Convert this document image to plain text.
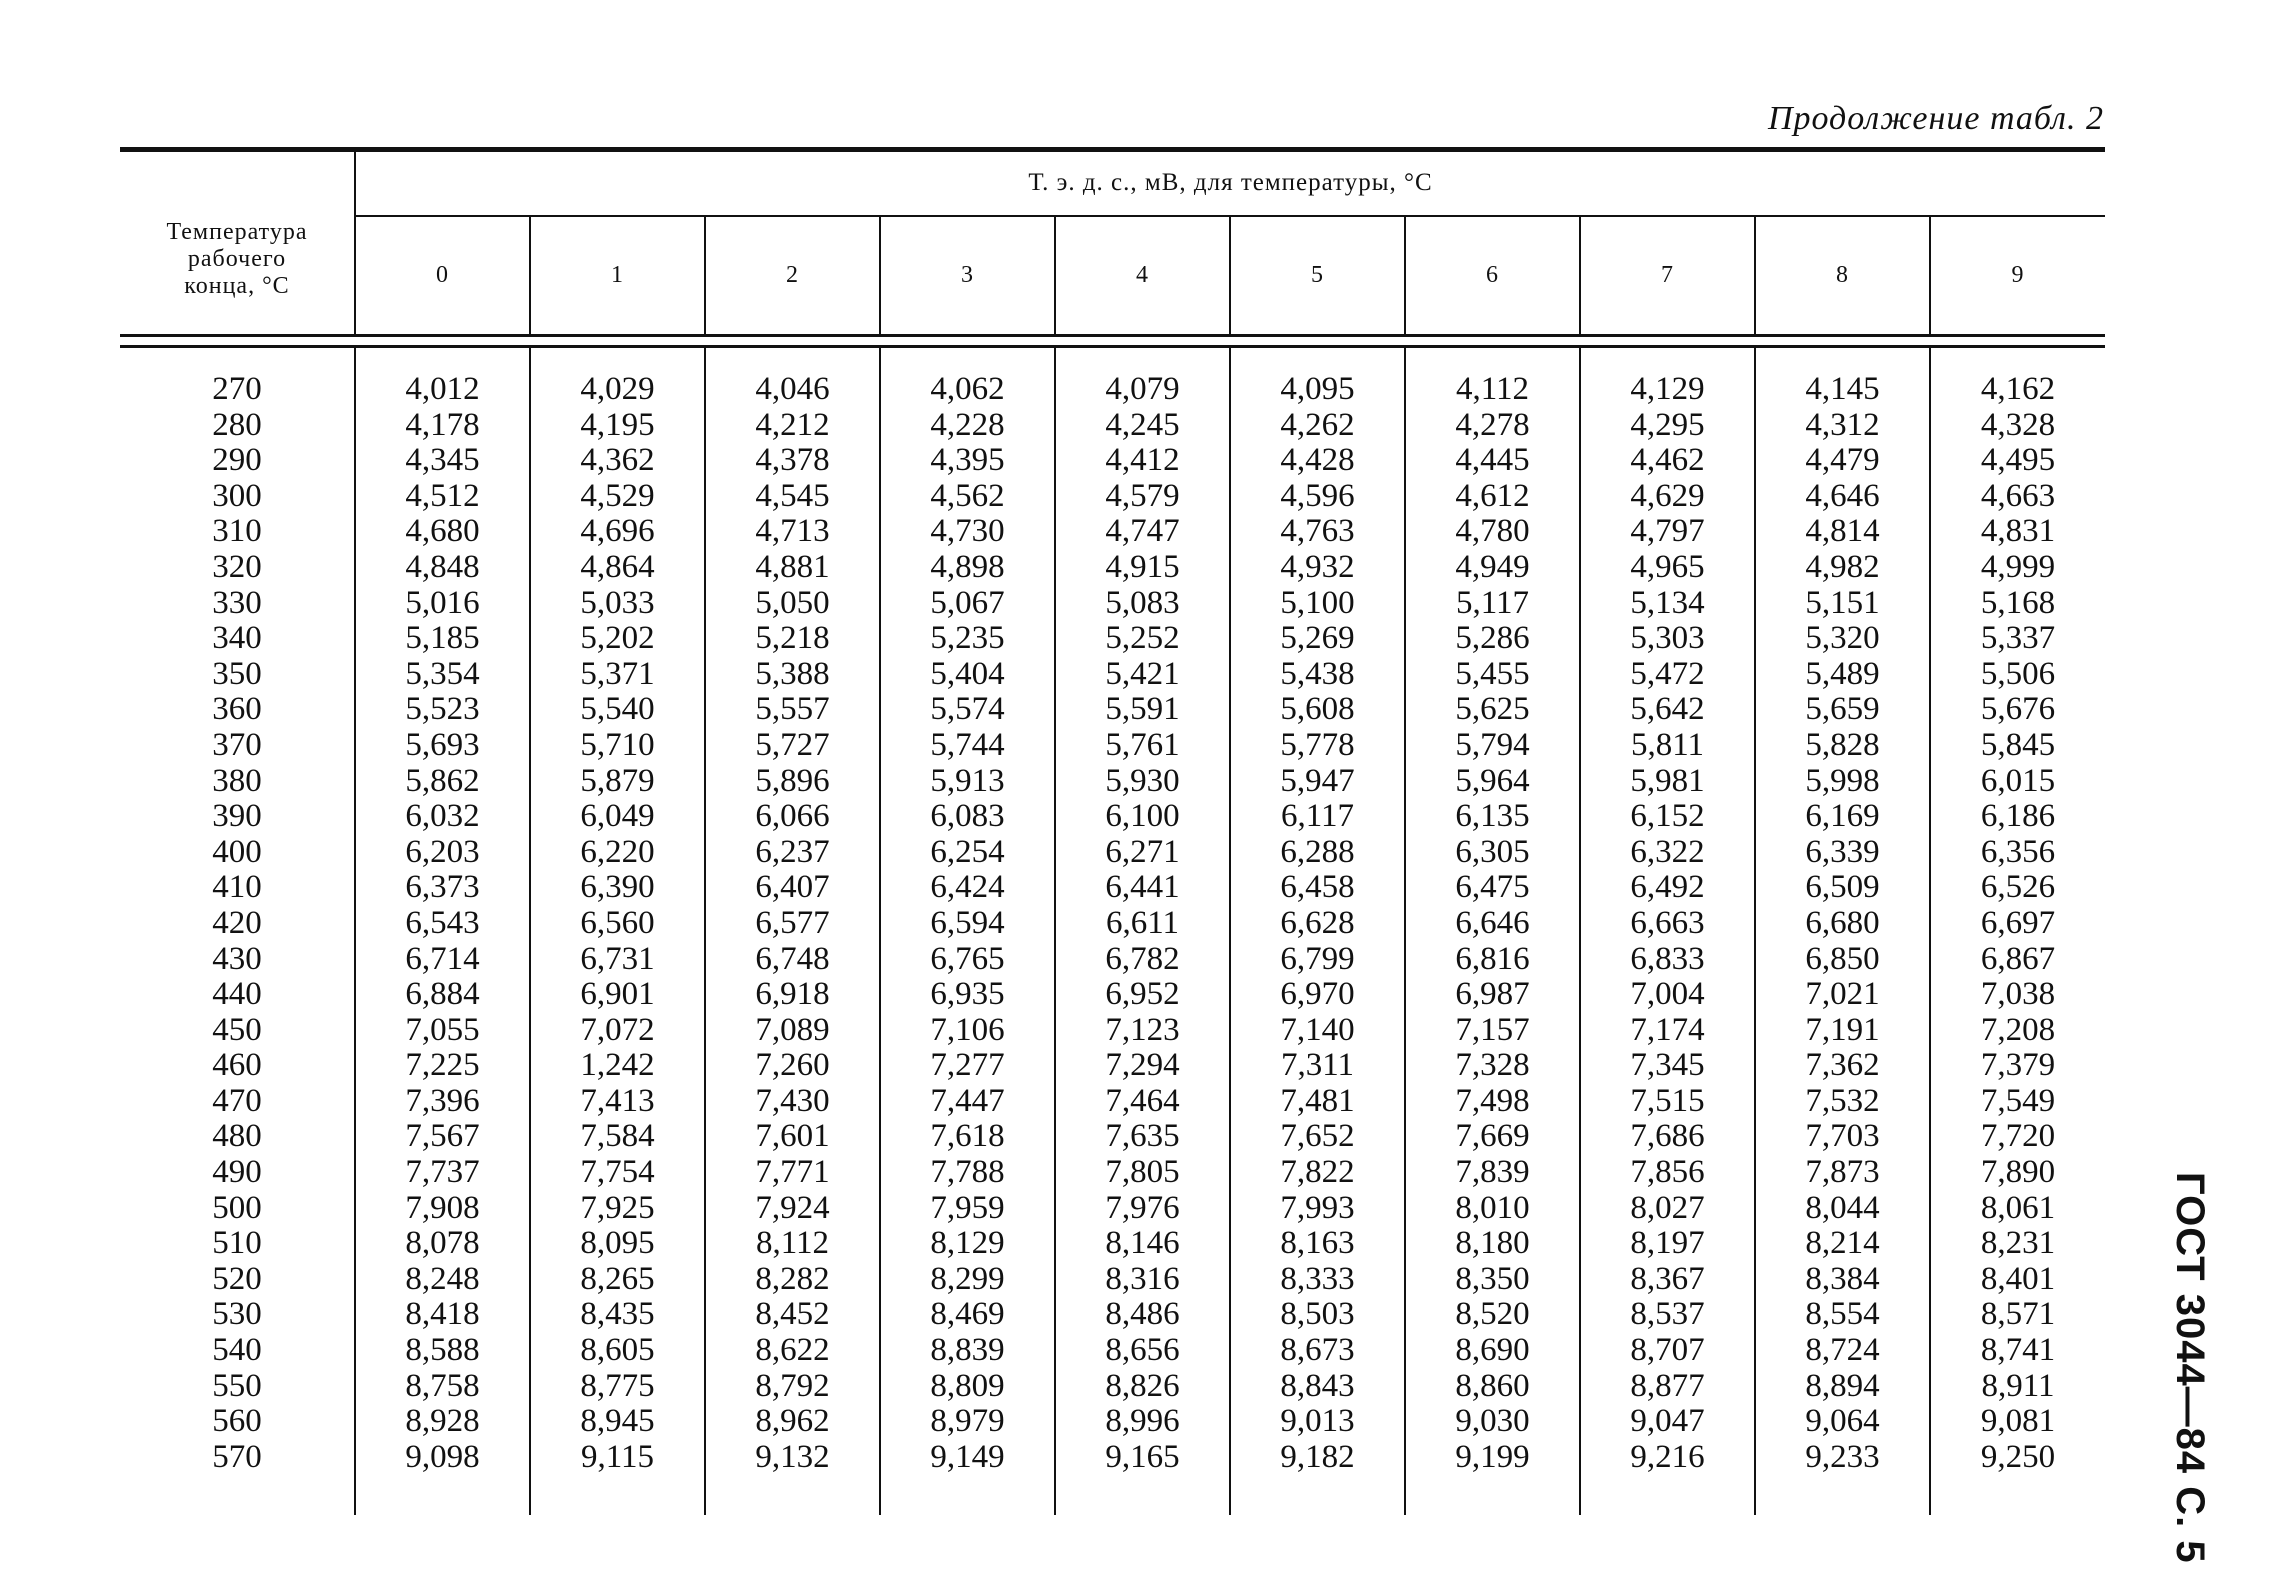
Продолжение табл. 2
ГОСТ 3044—84 С. 5
Температура
рабочего
конца, °C	Т. э. д. с., мВ, для температуры, °C									
	0	1	2	3	4	5	6	7	8	9

270	4,012	4,029	4,046	4,062	4,079	4,095	4,112	4,129	4,145	4,162
280	4,178	4,195	4,212	4,228	4,245	4,262	4,278	4,295	4,312	4,328
290	4,345	4,362	4,378	4,395	4,412	4,428	4,445	4,462	4,479	4,495
300	4,512	4,529	4,545	4,562	4,579	4,596	4,612	4,629	4,646	4,663
310	4,680	4,696	4,713	4,730	4,747	4,763	4,780	4,797	4,814	4,831
320	4,848	4,864	4,881	4,898	4,915	4,932	4,949	4,965	4,982	4,999
330	5,016	5,033	5,050	5,067	5,083	5,100	5,117	5,134	5,151	5,168
340	5,185	5,202	5,218	5,235	5,252	5,269	5,286	5,303	5,320	5,337
350	5,354	5,371	5,388	5,404	5,421	5,438	5,455	5,472	5,489	5,506
360	5,523	5,540	5,557	5,574	5,591	5,608	5,625	5,642	5,659	5,676
370	5,693	5,710	5,727	5,744	5,761	5,778	5,794	5,811	5,828	5,845
380	5,862	5,879	5,896	5,913	5,930	5,947	5,964	5,981	5,998	6,015
390	6,032	6,049	6,066	6,083	6,100	6,117	6,135	6,152	6,169	6,186
400	6,203	6,220	6,237	6,254	6,271	6,288	6,305	6,322	6,339	6,356
410	6,373	6,390	6,407	6,424	6,441	6,458	6,475	6,492	6,509	6,526
420	6,543	6,560	6,577	6,594	6,611	6,628	6,646	6,663	6,680	6,697
430	6,714	6,731	6,748	6,765	6,782	6,799	6,816	6,833	6,850	6,867
440	6,884	6,901	6,918	6,935	6,952	6,970	6,987	7,004	7,021	7,038
450	7,055	7,072	7,089	7,106	7,123	7,140	7,157	7,174	7,191	7,208
460	7,225	1,242	7,260	7,277	7,294	7,311	7,328	7,345	7,362	7,379
470	7,396	7,413	7,430	7,447	7,464	7,481	7,498	7,515	7,532	7,549
480	7,567	7,584	7,601	7,618	7,635	7,652	7,669	7,686	7,703	7,720
490	7,737	7,754	7,771	7,788	7,805	7,822	7,839	7,856	7,873	7,890
500	7,908	7,925	7,924	7,959	7,976	7,993	8,010	8,027	8,044	8,061
510	8,078	8,095	8,112	8,129	8,146	8,163	8,180	8,197	8,214	8,231
520	8,248	8,265	8,282	8,299	8,316	8,333	8,350	8,367	8,384	8,401
530	8,418	8,435	8,452	8,469	8,486	8,503	8,520	8,537	8,554	8,571
540	8,588	8,605	8,622	8,839	8,656	8,673	8,690	8,707	8,724	8,741
550	8,758	8,775	8,792	8,809	8,826	8,843	8,860	8,877	8,894	8,911
560	8,928	8,945	8,962	8,979	8,996	9,013	9,030	9,047	9,064	9,081
570	9,098	9,115	9,132	9,149	9,165	9,182	9,199	9,216	9,233	9,250
